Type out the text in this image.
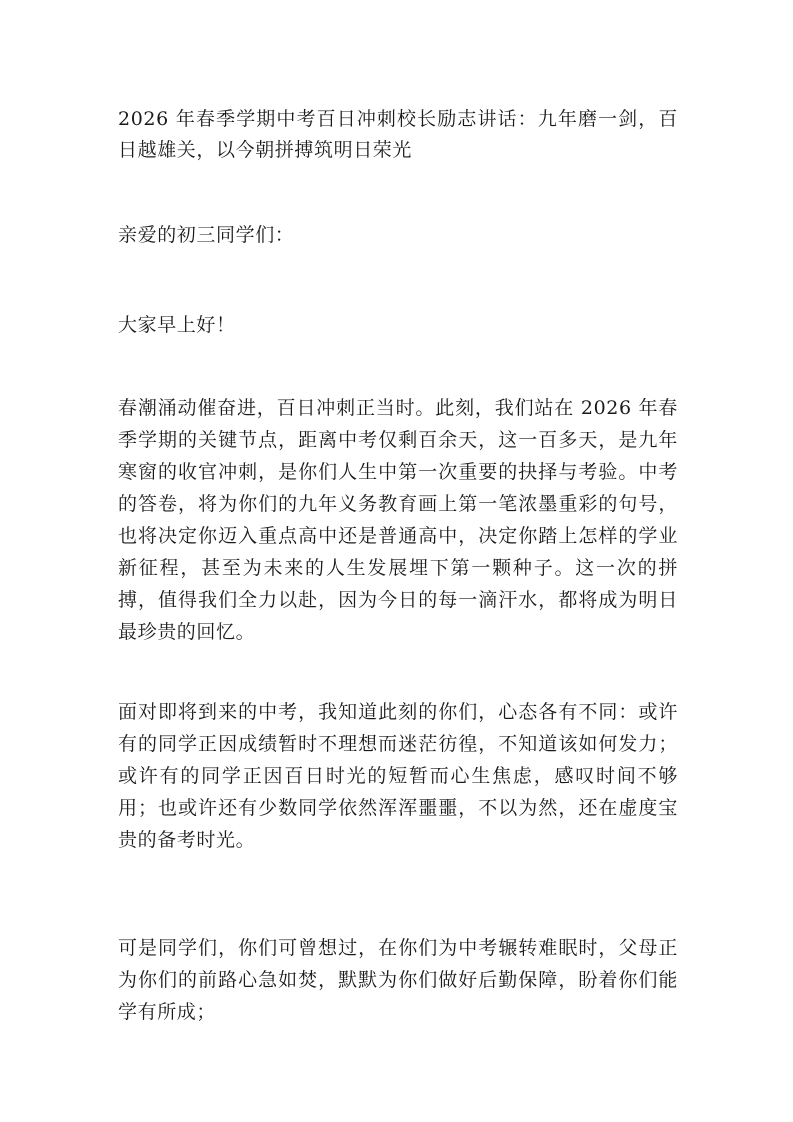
2026 年春季学期中考百日冲刺校长励志讲话：九年磨一剑，百日越雄关，以今朝拼搏筑明日荣光

亲爱的初三同学们：

大家早上好！

春潮涌动催奋进，百日冲刺正当时。此刻，我们站在 2026 年春季学期的关键节点，距离中考仅剩百余天，这一百多天，是九年寒窗的收官冲刺，是你们人生中第一次重要的抉择与考验。中考的答卷，将为你们的九年义务教育画上第一笔浓墨重彩的句号，也将决定你迈入重点高中还是普通高中，决定你踏上怎样的学业新征程，甚至为未来的人生发展埋下第一颗种子。这一次的拼搏，值得我们全力以赴，因为今日的每一滴汗水，都将成为明日最珍贵的回忆。

面对即将到来的中考，我知道此刻的你们，心态各有不同：或许有的同学正因成绩暂时不理想而迷茫彷徨，不知道该如何发力；或许有的同学正因百日时光的短暂而心生焦虑，感叹时间不够用；也或许还有少数同学依然浑浑噩噩，不以为然，还在虚度宝贵的备考时光。

可是同学们，你们可曾想过，在你们为中考辗转难眠时，父母正为你们的前路心急如焚，默默为你们做好后勤保障，盼着你们能学有所成；
